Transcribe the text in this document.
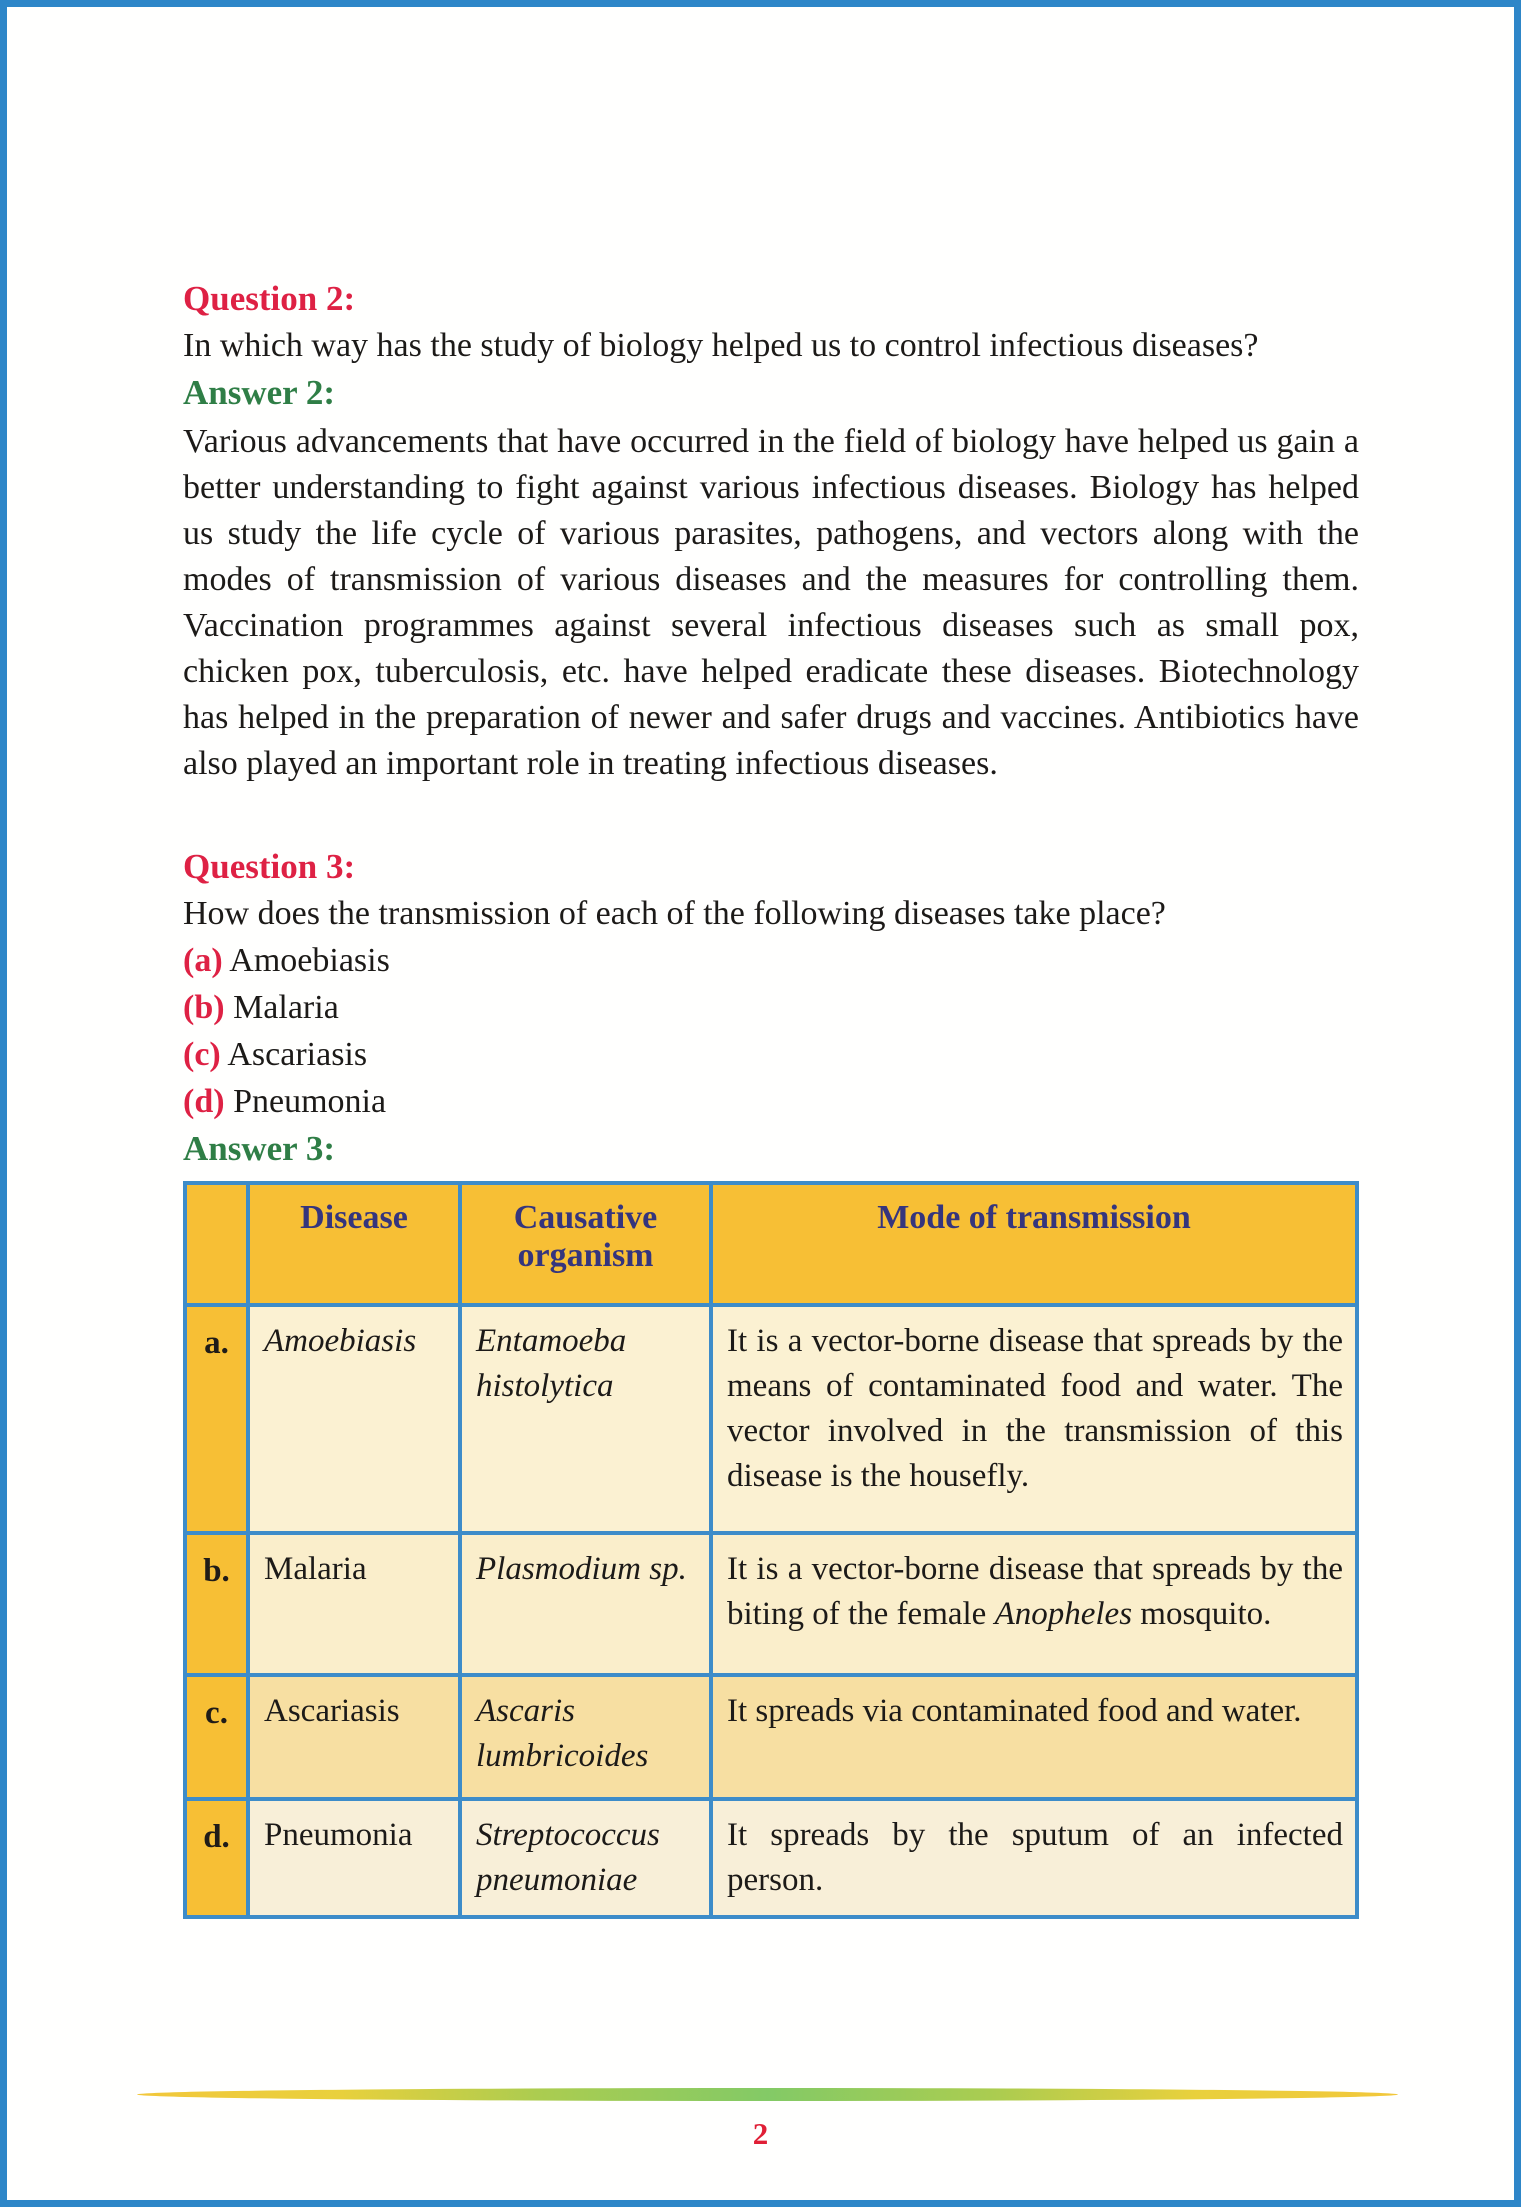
Question 2:

In which way has the study of biology helped us to control infectious diseases?

Answer 2:

Various advancements that have occurred in the field of biology have helped us gain a better understanding to fight against various infectious diseases. Biology has helped us study the life cycle of various parasites, pathogens, and vectors along with the modes of transmission of various diseases and the measures for controlling them. Vaccination programmes against several infectious diseases such as small pox, chicken pox, tuberculosis, etc. have helped eradicate these diseases. Biotechnology has helped in the preparation of newer and safer drugs and vaccines. Antibiotics have also played an important role in treating infectious diseases.

Question 3:

How does the transmission of each of the following diseases take place?

(a) Amoebiasis
(b) Malaria
(c) Ascariasis
(d) Pneumonia
Answer 3:
	Disease	Causative organism	Mode of transmission
a.	Amoebiasis	Entamoeba histolytica	It is a vector-borne disease that spreads by the means of contaminated food and water. The vector involved in the transmission of this disease is the housefly.
b.	Malaria	Plasmodium sp.	It is a vector-borne disease that spreads by the biting of the female Anopheles mosquito.
c.	Ascariasis	Ascaris lumbricoides	It spreads via contaminated food and water.
d.	Pneumonia	Streptococcus pneumoniae	It spreads by the sputum of an infected person.
2
